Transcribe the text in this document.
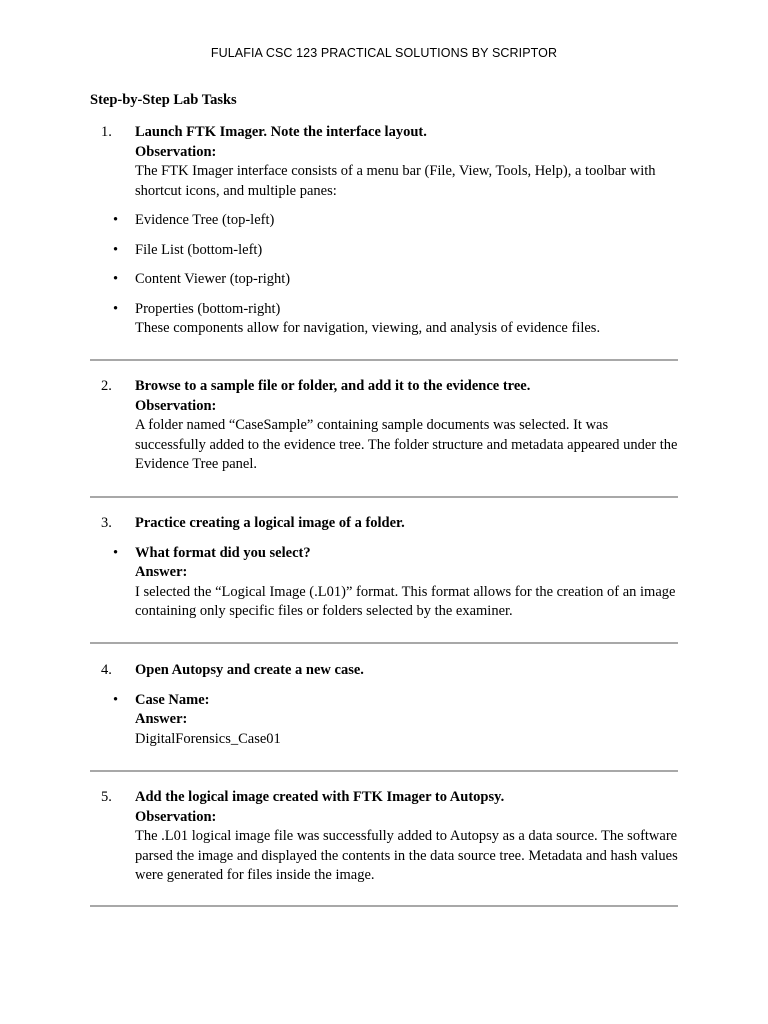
FULAFIA CSC 123 PRACTICAL SOLUTIONS BY SCRIPTOR
Step-by-Step Lab Tasks
1.	Launch FTK Imager. Note the interface layout.
Observation:
The FTK Imager interface consists of a menu bar (File, View, Tools, Help), a toolbar with shortcut icons, and multiple panes:
•	Evidence Tree (top-left)
•	File List (bottom-left)
•	Content Viewer (top-right)
•	Properties (bottom-right)
These components allow for navigation, viewing, and analysis of evidence files.
2.	Browse to a sample file or folder, and add it to the evidence tree.
Observation:
A folder named “CaseSample” containing sample documents was selected. It was successfully added to the evidence tree. The folder structure and metadata appeared under the Evidence Tree panel.
3.	Practice creating a logical image of a folder.
•	What format did you select?
Answer:
I selected the “Logical Image (.L01)” format. This format allows for the creation of an image containing only specific files or folders selected by the examiner.
4.	Open Autopsy and create a new case.
•	Case Name:
Answer:
DigitalForensics_Case01
5.	Add the logical image created with FTK Imager to Autopsy.
Observation:
The .L01 logical image file was successfully added to Autopsy as a data source. The software parsed the image and displayed the contents in the data source tree. Metadata and hash values were generated for files inside the image.
